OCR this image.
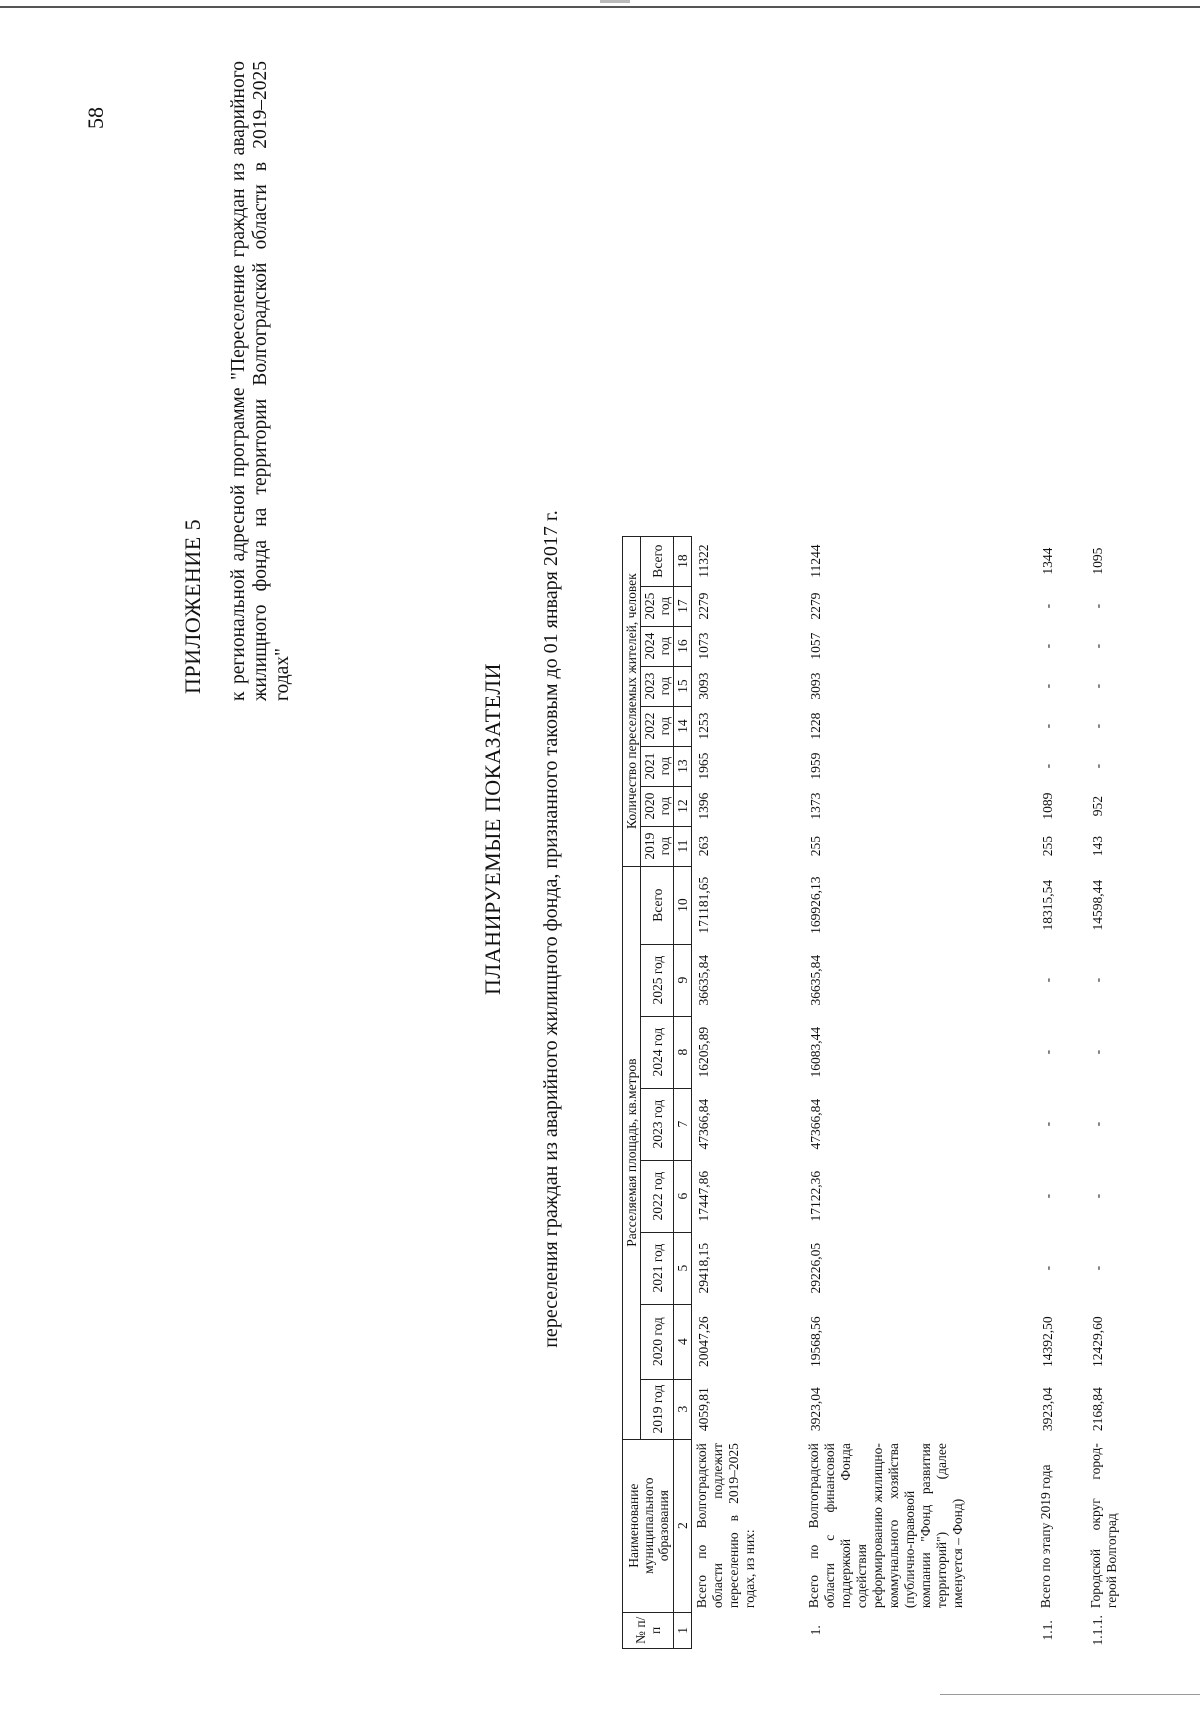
58
ПРИЛОЖЕНИЕ 5 к региональной адресной программе "Переселение граждан из аварийного жилищного фонда на территории Волгоградской области в 2019–2025 годах"	ПЛАНИРУЕМЫЕ ПОКАЗАТЕЛИ переселения граждан из аварийного жилищного фонда, признанного таковым до 01 января 2017 г.
№ п/п	Наименование муниципального образования	Расселяемая площадь, кв.метров								Количество переселяемых жителей, человек							
		2019 год	2020 год	2021 год	2022 год	2023 год	2024 год	2025 год	Всего	2019 год	2020 год	2021 год	2022 год	2023 год	2024 год	2025 год	Всего
1	2	3	4	5	6	7	8	9	10	11	12	13	14	15	16	17	18
	Всего по Волгоградской области подлежит переселению в 2019–2025 годах, из них:	4059,81	20047,26	29418,15	17447,86	47366,84	16205,89	36635,84	171181,65	263	1396	1965	1253	3093	1073	2279	11322
1.	Всего по Волгоградской области с финансовой поддержкой Фонда содействия реформированию жилищно-коммунального хозяйства (публично-правовой компании "Фонд развития территорий") (далее именуется – Фонд)	3923,04	19568,56	29226,05	17122,36	47366,84	16083,44	36635,84	169926,13	255	1373	1959	1228	3093	1057	2279	11244
1.1.	Всего по этапу 2019 года	3923,04	14392,50	-	-	-	-	-	18315,54	255	1089	-	-	-	-	-	1344
1.1.1.	Городской округ город-герой Волгоград	2168,84	12429,60	-	-	-	-	-	14598,44	143	952	-	-	-	-	-	1095
